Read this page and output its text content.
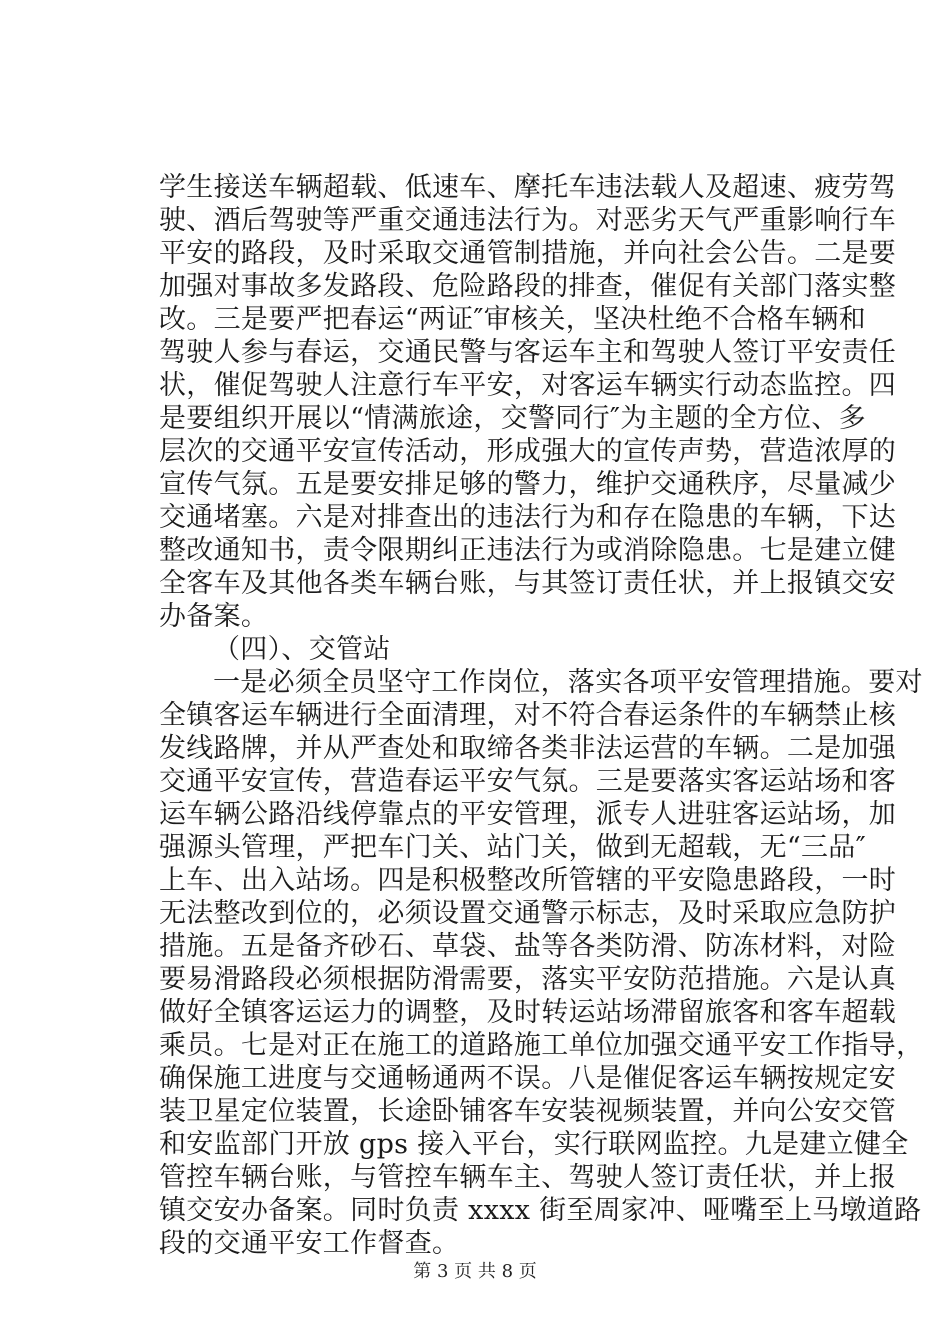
学生接送车辆超载、低速车、摩托车违法载人及超速、疲劳驾
驶、酒后驾驶等严重交通违法行为。对恶劣天气严重影响行车
平安的路段，及时采取交通管制措施，并向社会公告。二是要
加强对事故多发路段、危险路段的排查，催促有关部门落实整
改。三是要严把春运“两证″审核关，坚决杜绝不合格车辆和
驾驶人参与春运，交通民警与客运车主和驾驶人签订平安责任
状，催促驾驶人注意行车平安，对客运车辆实行动态监控。四
是要组织开展以“情满旅途，交警同行″为主题的全方位、多
层次的交通平安宣传活动，形成强大的宣传声势，营造浓厚的
宣传气氛。五是要安排足够的警力，维护交通秩序，尽量减少
交通堵塞。六是对排查出的违法行为和存在隐患的车辆，下达
整改通知书，责令限期纠正违法行为或消除隐患。七是建立健
全客车及其他各类车辆台账，与其签订责任状，并上报镇交安
办备案。
（四）、交管站
一是必须全员坚守工作岗位，落实各项平安管理措施。要对
全镇客运车辆进行全面清理，对不符合春运条件的车辆禁止核
发线路牌，并从严查处和取缔各类非法运营的车辆。二是加强
交通平安宣传，营造春运平安气氛。三是要落实客运站场和客
运车辆公路沿线停靠点的平安管理，派专人进驻客运站场，加
强源头管理，严把车门关、站门关，做到无超载，无“三品″
上车、出入站场。四是积极整改所管辖的平安隐患路段，一时
无法整改到位的，必须设置交通警示标志，及时采取应急防护
措施。五是备齐砂石、草袋、盐等各类防滑、防冻材料，对险
要易滑路段必须根据防滑需要，落实平安防范措施。六是认真
做好全镇客运运力的调整，及时转运站场滞留旅客和客车超载
乘员。七是对正在施工的道路施工单位加强交通平安工作指导，
确保施工进度与交通畅通两不误。八是催促客运车辆按规定安
装卫星定位装置，长途卧铺客车安装视频装置，并向公安交管
和安监部门开放 gps 接入平台，实行联网监控。九是建立健全
管控车辆台账，与管控车辆车主、驾驶人签订责任状，并上报
镇交安办备案。同时负责 xxxx 街至周家冲、哑嘴至上马墩道路
段的交通平安工作督查。
第 3 页 共 8 页
